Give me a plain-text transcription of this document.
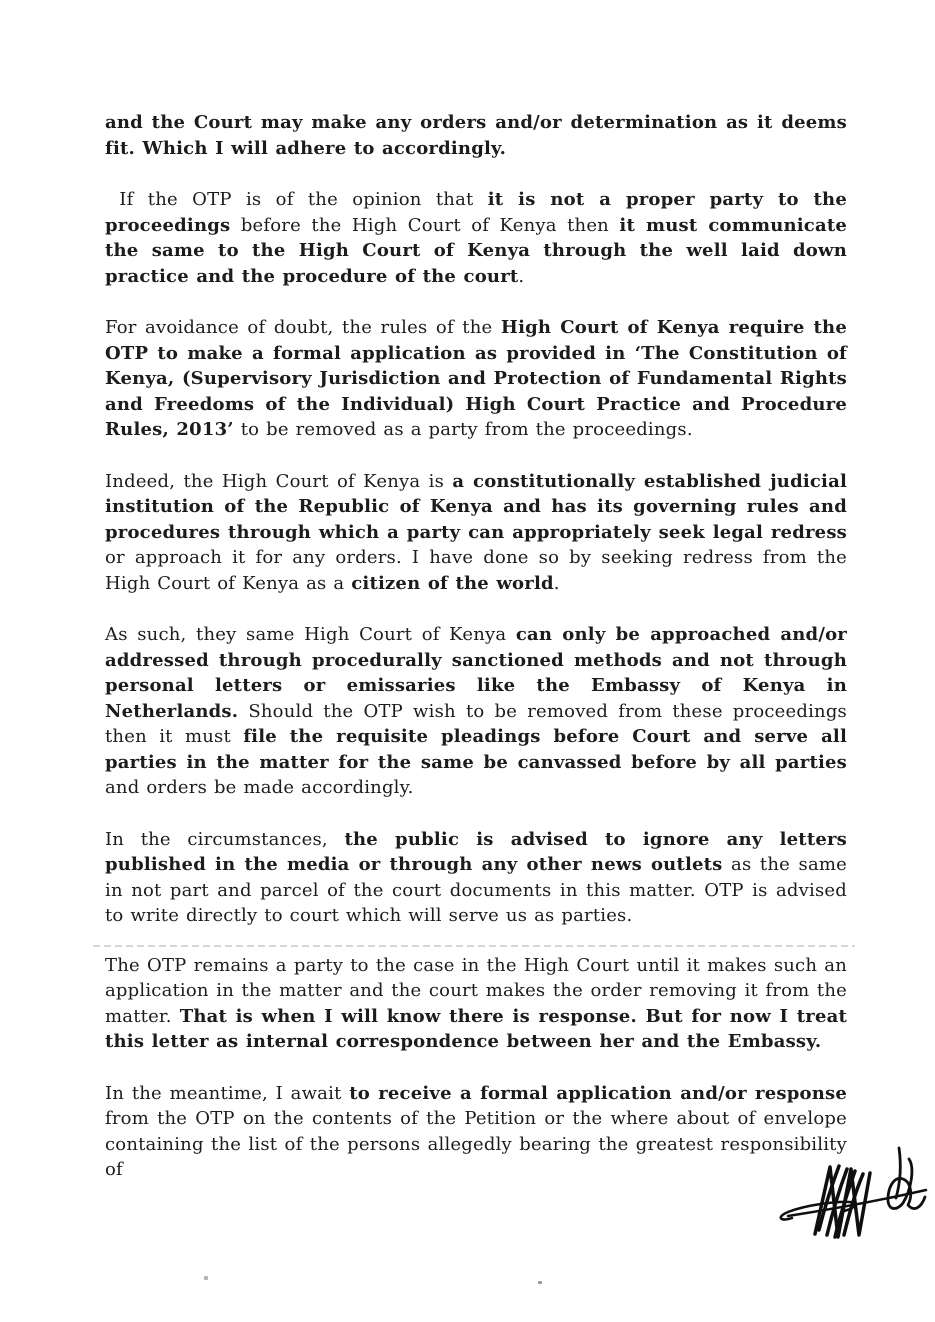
and the Court may make any orders and/or determination as it deems fit. Which I will adhere to accordingly.

If the OTP is of the opinion that it is not a proper party to the proceedings before the High Court of Kenya then it must communicate the same to the High Court of Kenya through the well laid down practice and the procedure of the court.

For avoidance of doubt, the rules of the High Court of Kenya require the OTP to make a formal application as provided in ‘The Constitution of Kenya, (Supervisory Jurisdiction and Protection of Fundamental Rights and Freedoms of the Individual) High Court Practice and Procedure Rules, 2013’ to be removed as a party from the proceedings.

Indeed, the High Court of Kenya is a constitutionally established judicial institution of the Republic of Kenya and has its governing rules and procedures through which a party can appropriately seek legal redress or approach it for any orders. I have done so by seeking redress from the High Court of Kenya as a citizen of the world.

As such, they same High Court of Kenya can only be approached and/or addressed through procedurally sanctioned methods and not through personal letters or emissaries like the Embassy of Kenya in Netherlands. Should the OTP wish to be removed from these proceedings then it must file the requisite pleadings before Court and serve all parties in the matter for the same be canvassed before by all parties and orders be made accordingly.

In the circumstances, the public is advised to ignore any letters published in the media or through any other news outlets as the same in not part and parcel of the court documents in this matter. OTP is advised to write directly to court which will serve us as parties.

The OTP remains a party to the case in the High Court until it makes such an application in the matter and the court makes the order removing it from the matter. That is when I will know there is response. But for now I treat this letter as internal correspondence between her and the Embassy.

In the meantime, I await to receive a formal application and/or response from the OTP on the contents of the Petition or the where about of envelope containing the list of the persons allegedly bearing the greatest responsibility of
